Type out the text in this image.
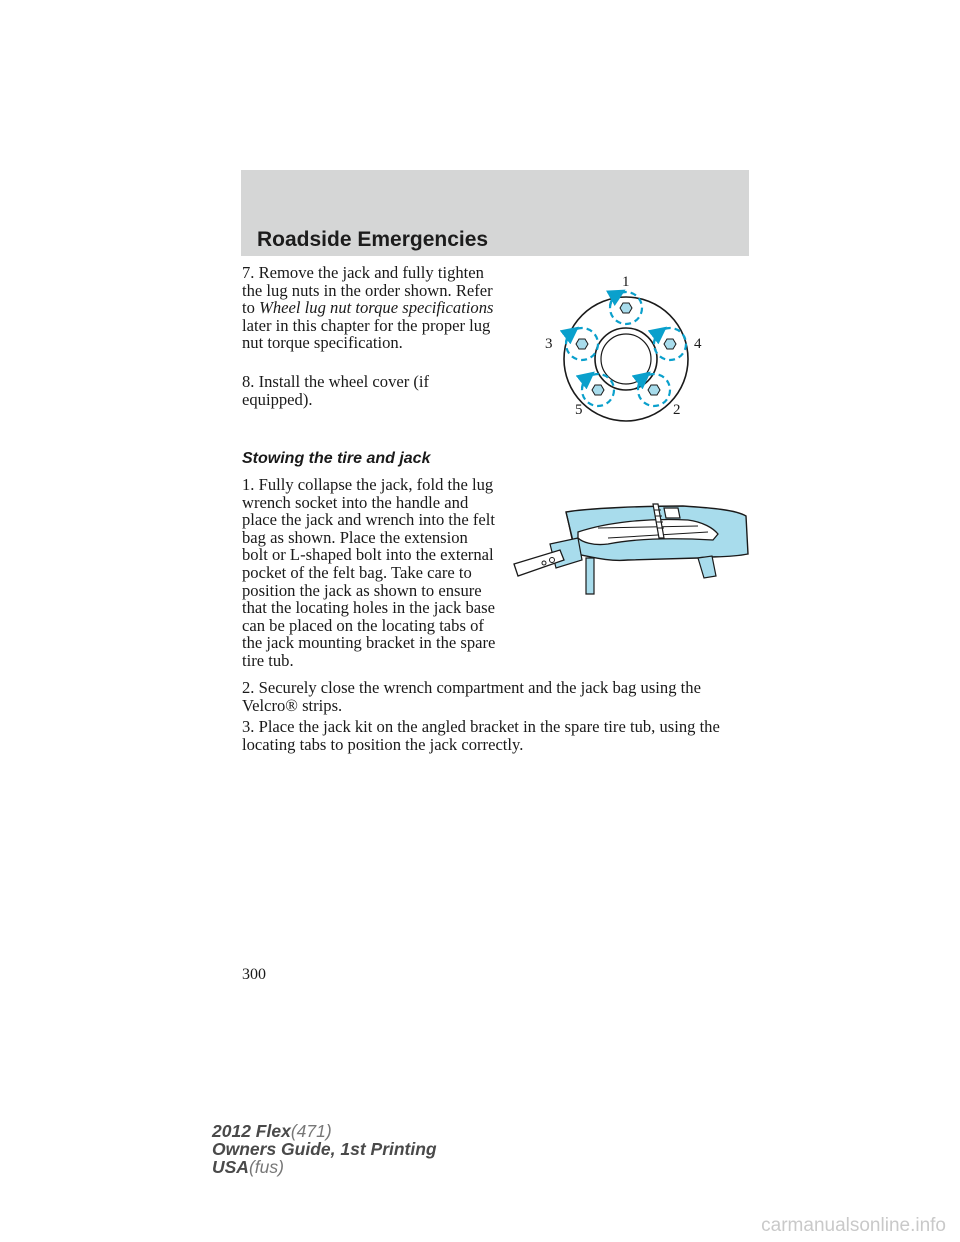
Roadside Emergencies

7. Remove the jack and fully tighten the lug nuts in the order shown. Refer to Wheel lug nut torque specifications later in this chapter for the proper lug nut torque specification.

8. Install the wheel cover (if equipped).

1
2
3	4
5
Stowing the tire and jack

1. Fully collapse the jack, fold the lug wrench socket into the handle and place the jack and wrench into the felt bag as shown. Place the extension bolt or L-shaped bolt into the external pocket of the felt bag. Take care to position the jack as shown to ensure that the locating holes in the jack base can be placed on the locating tabs of the jack mounting bracket in the spare tire tub.

2. Securely close the wrench compartment and the jack bag using the Velcro® strips.

3. Place the jack kit on the angled bracket in the spare tire tub, using the locating tabs to position the jack correctly.

300
2012 Flex(471)
Owners Guide, 1st Printing
USA(fus)
carmanualsonline.info
